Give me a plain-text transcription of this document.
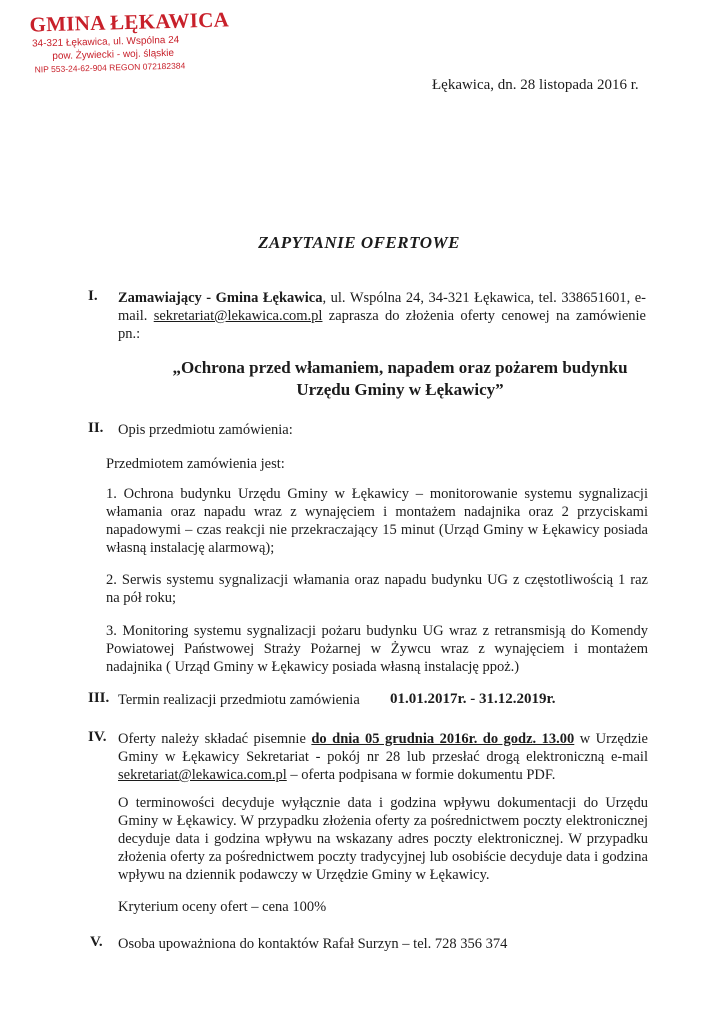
GMINA ŁĘKAWICA
34-321 Łękawica, ul. Wspólna 24
pow. Żywiecki - woj. śląskie
NIP 553-24-62-904 REGON 072182384
Łękawica, dn. 28 listopada 2016 r.
ZAPYTANIE OFERTOWE
I. Zamawiający - Gmina Łękawica, ul. Wspólna 24, 34-321 Łękawica, tel. 338651601, e-mail. sekretariat@lekawica.com.pl zaprasza do złożenia oferty cenowej na zamówienie pn.:
„Ochrona przed włamaniem, napadem oraz pożarem budynku Urzędu Gminy w Łękawicy”
II. Opis przedmiotu zamówienia:
Przedmiotem zamówienia jest:
1. Ochrona budynku Urzędu Gminy w Łękawicy – monitorowanie systemu sygnalizacji włamania oraz napadu wraz z wynajęciem i montażem nadajnika oraz 2 przyciskami napadowymi – czas reakcji nie przekraczający 15 minut (Urząd Gminy w Łękawicy posiada własną instalację alarmową);
2. Serwis systemu sygnalizacji włamania oraz napadu budynku UG z częstotliwością 1 raz na pół roku;
3. Monitoring systemu sygnalizacji pożaru budynku UG wraz z retransmisją do Komendy Powiatowej Państwowej Straży Pożarnej w Żywcu wraz z wynajęciem i montażem nadajnika ( Urząd Gminy w Łękawicy posiada własną instalację ppoż.)
III. Termin realizacji przedmiotu zamówienia 01.01.2017r. - 31.12.2019r.
IV. Oferty należy składać pisemnie do dnia 05 grudnia 2016r. do godz. 13.00 w Urzędzie Gminy w Łękawicy Sekretariat - pokój nr 28 lub przesłać drogą elektroniczną e-mail sekretariat@lekawica.com.pl – oferta podpisana w formie dokumentu PDF.
O terminowości decyduje wyłącznie data i godzina wpływu dokumentacji do Urzędu Gminy w Łękawicy. W przypadku złożenia oferty za pośrednictwem poczty elektronicznej decyduje data i godzina wpływu na wskazany adres poczty elektronicznej. W przypadku złożenia oferty za pośrednictwem poczty tradycyjnej lub osobiście decyduje data i godzina wpływu na dziennik podawczy w Urzędzie Gminy w Łękawicy.
Kryterium oceny ofert – cena 100%
V. Osoba upoważniona do kontaktów Rafał Surzyn – tel. 728 356 374
